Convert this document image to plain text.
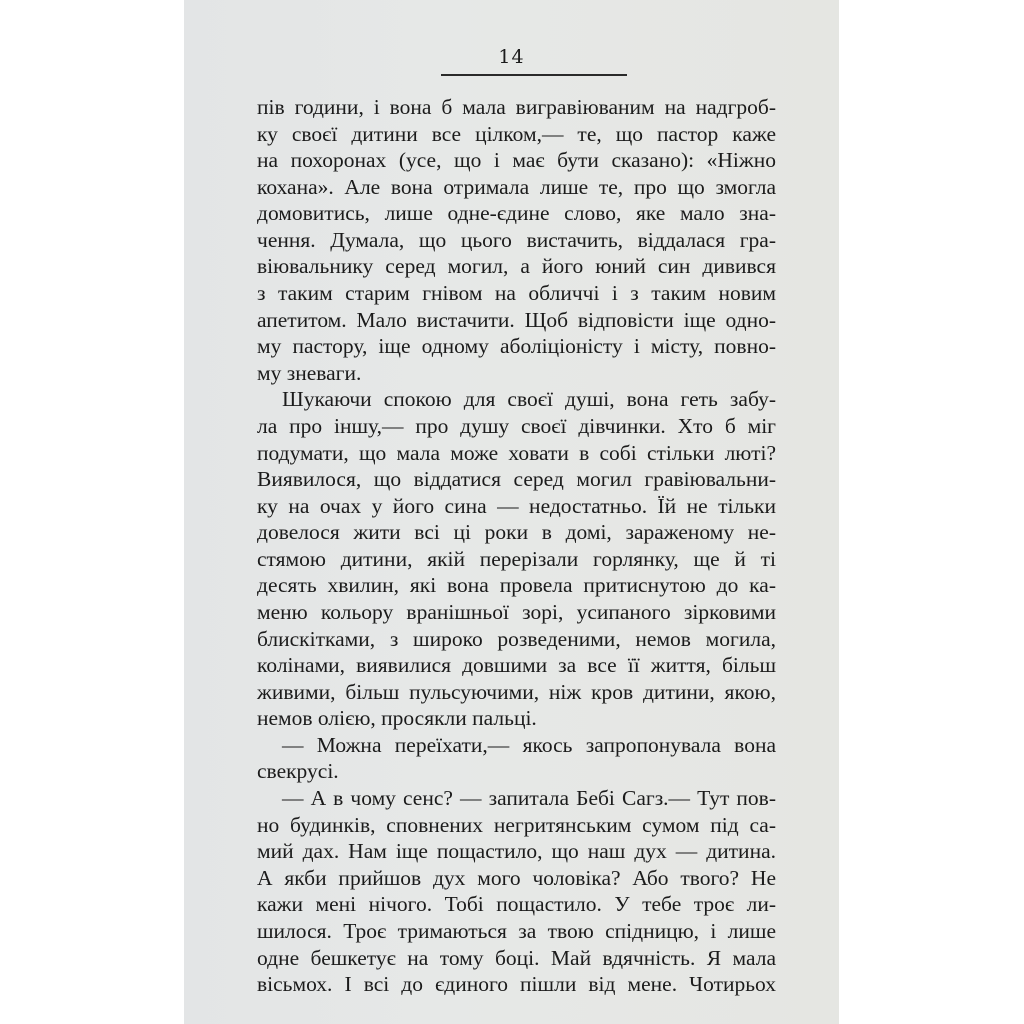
14
пів години, і вона б мала вигравіюваним на надгроб-
ку своєї дитини все цілком,— те, що пастор каже
на похоронах (усе, що і має бути сказано): «Ніжно
кохана». Але вона отримала лише те, про що змогла
домовитись, лише одне-єдине слово, яке мало зна-
чення. Думала, що цього вистачить, віддалася гра-
віювальнику серед могил, а його юний син дивився
з таким старим гнівом на обличчі і з таким новим
апетитом. Мало вистачити. Щоб відповісти іще одно-
му пастору, іще одному аболіціоністу і місту, повно-
му зневаги.
Шукаючи спокою для своєї душі, вона геть забу-
ла про іншу,— про душу своєї дівчинки. Хто б міг
подумати, що мала може ховати в собі стільки люті?
Виявилося, що віддатися серед могил гравіювальни-
ку на очах у його сина — недостатньо. Їй не тільки
довелося жити всі ці роки в домі, зараженому не-
стямою дитини, якій перерізали горлянку, ще й ті
десять хвилин, які вона провела притиснутою до ка-
меню кольору вранішньої зорі, усипаного зірковими
блискітками, з широко розведеними, немов могила,
колінами, виявилися довшими за все її життя, більш
живими, більш пульсуючими, ніж кров дитини, якою,
немов олією, просякли пальці.
— Можна переїхати,— якось запропонувала вона
свекрусі.
— А в чому сенс? — запитала Бебі Сагз.— Тут пов-
но будинків, сповнених негритянським сумом під са-
мий дах. Нам іще пощастило, що наш дух — дитина.
А якби прийшов дух мого чоловіка? Або твого? Не
кажи мені нічого. Тобі пощастило. У тебе троє ли-
шилося. Троє тримаються за твою спідницю, і лише
одне бешкетує на тому боці. Май вдячність. Я мала
вісьмох. І всі до єдиного пішли від мене. Чотирьох
